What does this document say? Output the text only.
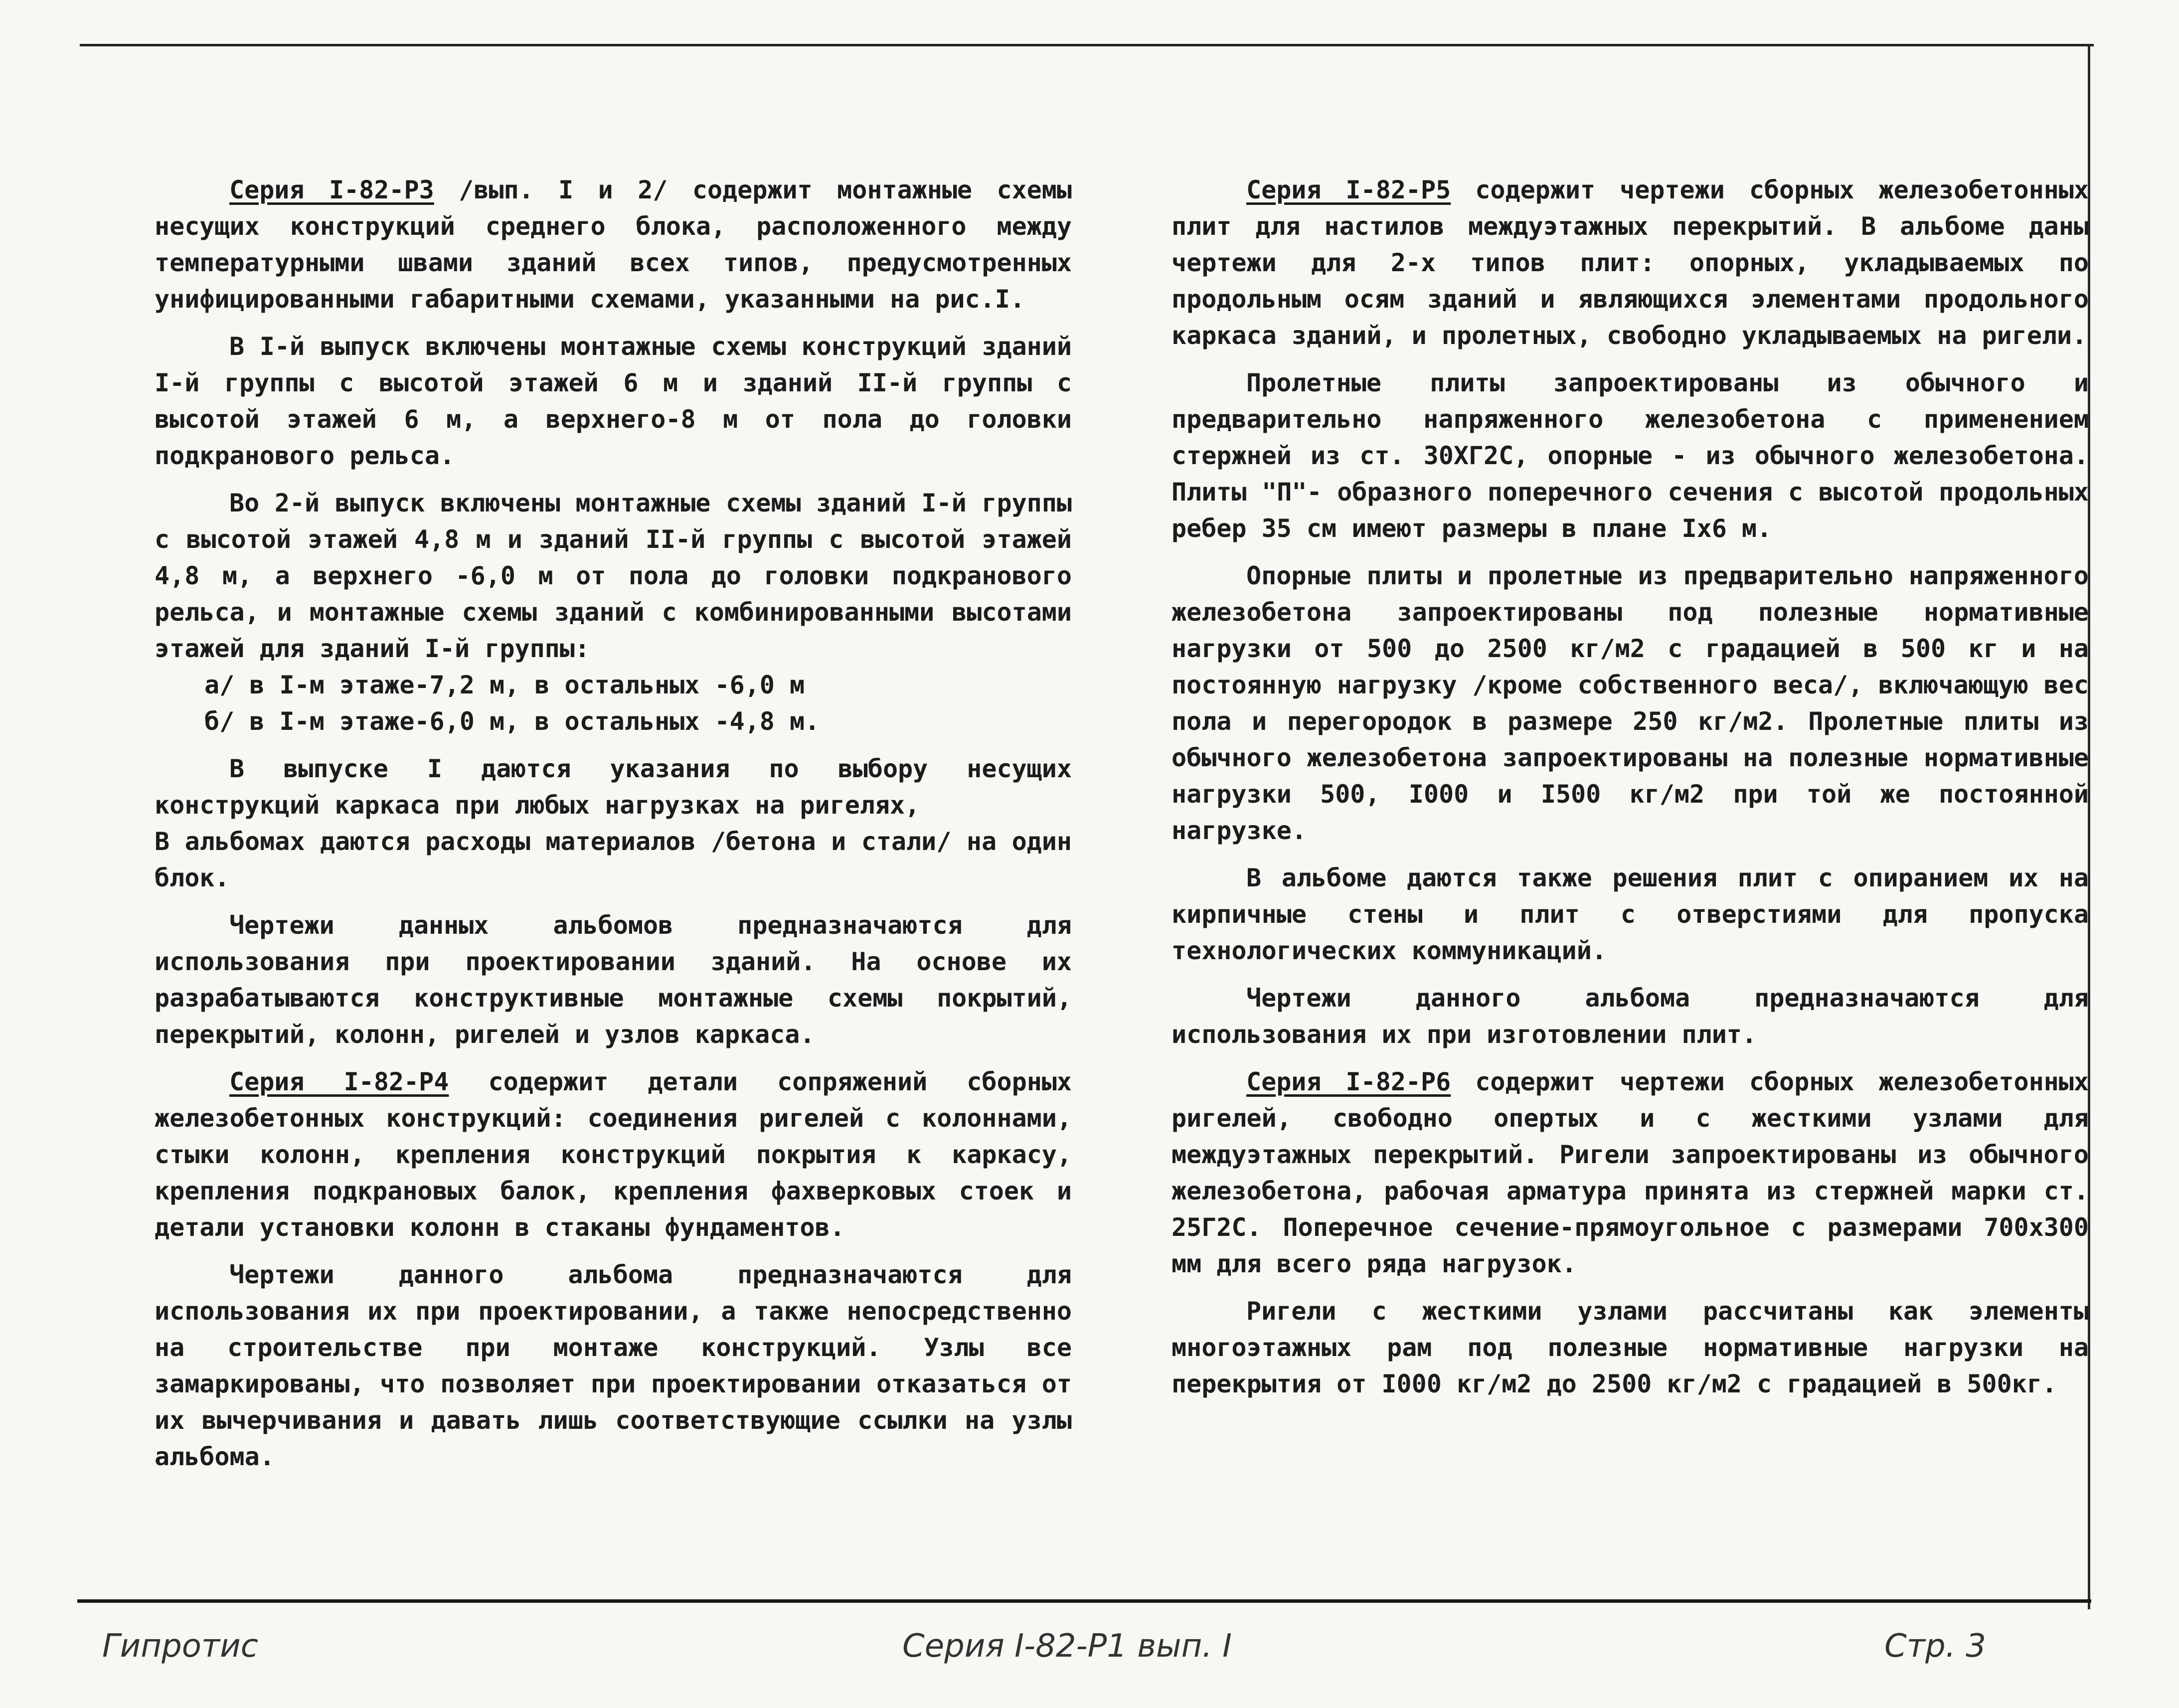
Серия I-82-Р3 /вып. I и 2/ содержит монтажные схемы несущих конструкций среднего блока, расположенного между температурными швами зданий всех типов, предусмотренных унифицированными габаритными схемами, указанными на рис.I.

В I-й выпуск включены монтажные схемы конструкций зданий I-й группы с высотой этажей 6 м и зданий II-й группы с высотой этажей 6 м, а верхнего-8 м от пола до головки подкранового рельса.

Во 2-й выпуск включены монтажные схемы зданий I-й группы с высотой этажей 4,8 м и зданий II-й группы с высотой этажей 4,8 м, а верхнего -6,0 м от пола до головки подкранового рельса, и монтажные схемы зданий с комбинированными высотами этажей для зданий I-й группы:

а/ в I-м этаже-7,2 м, в остальных -6,0 м

б/ в I-м этаже-6,0 м, в остальных -4,8 м.

В выпуске I даются указания по выбору несущих конструкций каркаса при любых нагрузках на ригелях,

В альбомах даются расходы материалов /бетона и стали/ на один блок.

Чертежи данных альбомов предназначаются для использования при проектировании зданий. На основе их разрабатываются конструктивные монтажные схемы покрытий, перекрытий, колонн, ригелей и узлов каркаса.

Серия I-82-Р4 содержит детали сопряжений сборных железобетонных конструкций: соединения ригелей с колоннами, стыки колонн, крепления конструкций покрытия к каркасу, крепления подкрановых балок, крепления фахверковых стоек и детали установки колонн в стаканы фундаментов.

Чертежи данного альбома предназначаются для использования их при проектировании, а также непосредственно на строительстве при монтаже конструкций. Узлы все замаркированы, что позволяет при проектировании отказаться от их вычерчивания и давать лишь соответствующие ссылки на узлы альбома.

Серия I-82-Р5 содержит чертежи сборных железобетонных плит для настилов междуэтажных перекрытий. В альбоме даны чертежи для 2-х типов плит: опорных, укладываемых по продольным осям зданий и являющихся элементами продольного каркаса зданий, и пролетных, свободно укладываемых на ригели.

Пролетные плиты запроектированы из обычного и предварительно напряженного железобетона с применением стержней из ст. 30ХГ2С, опорные - из обычного железобетона. Плиты "П"- образного поперечного сечения с высотой продольных ребер 35 см имеют размеры в плане Iх6 м.

Опорные плиты и пролетные из предварительно напряженного железобетона запроектированы под полезные нормативные нагрузки от 500 до 2500 кг/м2 с градацией в 500 кг и на постоянную нагрузку /кроме собственного веса/, включающую вес пола и перегородок в размере 250 кг/м2. Пролетные плиты из обычного железобетона запроектированы на полезные нормативные нагрузки 500, I000 и I500 кг/м2 при той же постоянной нагрузке.

В альбоме даются также решения плит с опиранием их на кирпичные стены и плит с отверстиями для пропуска технологических коммуникаций.

Чертежи данного альбома предназначаются для использования их при изготовлении плит.

Серия I-82-Р6 содержит чертежи сборных железобетонных ригелей, свободно опертых и с жесткими узлами для междуэтажных перекрытий. Ригели запроектированы из обычного железобетона, рабочая арматура принята из стержней марки ст. 25Г2С. Поперечное сечение-прямоугольное с размерами 700х300 мм для всего ряда нагрузок.

Ригели с жесткими узлами рассчитаны как элементы многоэтажных рам под полезные нормативные нагрузки на перекрытия от I000 кг/м2 до 2500 кг/м2 с градацией в 500кг.

Гипротис	Серия I-82-Р1 вып. I	Стр. 3
